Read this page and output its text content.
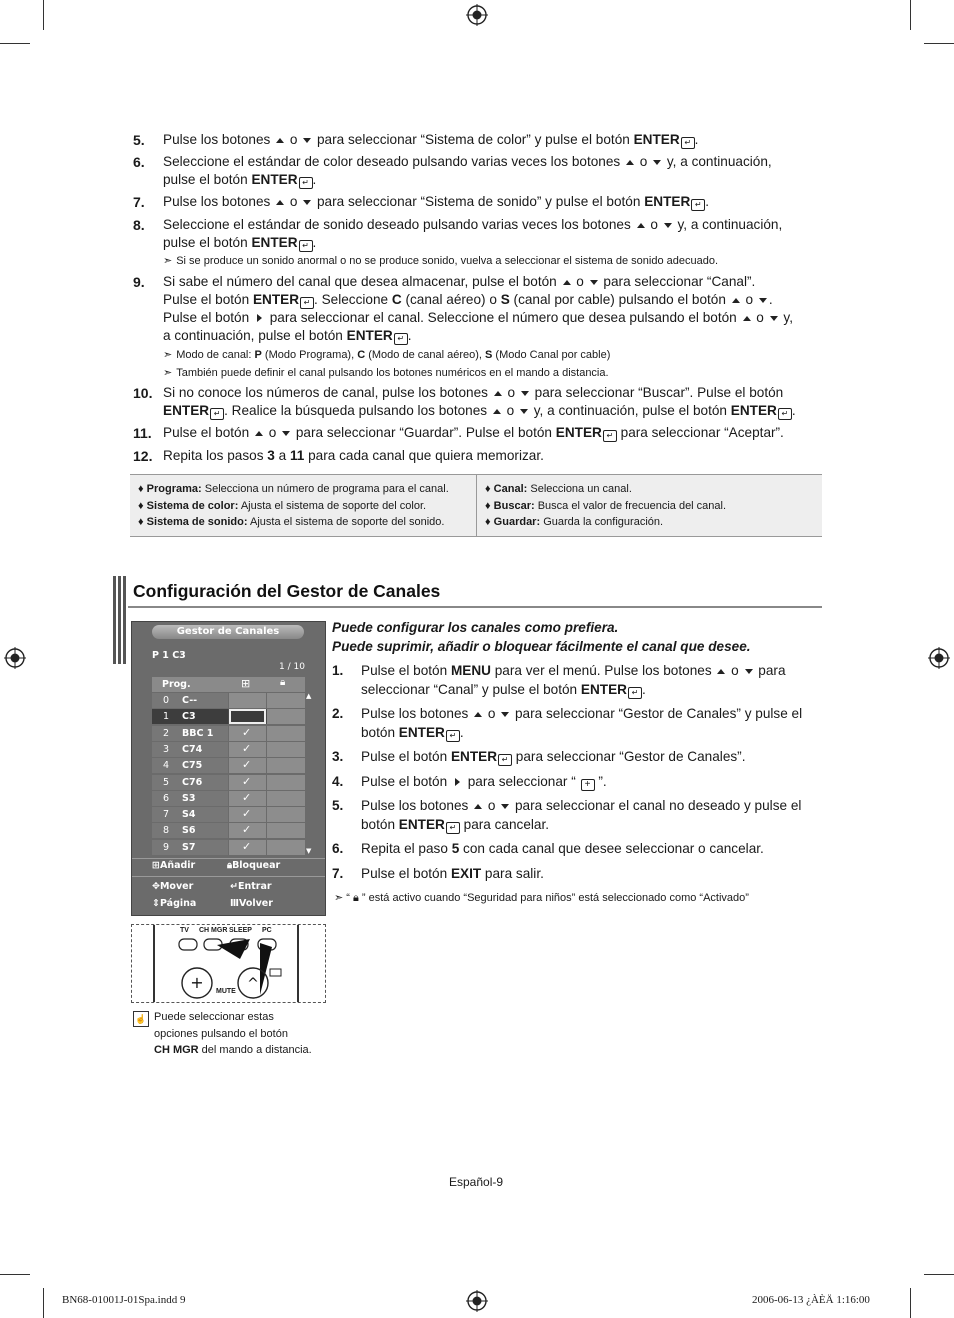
5. Pulse los botones  o  para seleccionar “Sistema de color” y pulse el botón ENTER ↵ .
6. Seleccione el estándar de color deseado pulsando varias veces los botones  o  y, a continuación,
pulse el botón ENTER ↵ .
7. Pulse los botones  o  para seleccionar “Sistema de sonido” y pulse el botón ENTER ↵ .
8. Seleccione el estándar de sonido deseado pulsando varias veces los botones  o  y, a continuación,
pulse el botón ENTER ↵ .
➣ Si se produce un sonido anormal o no se produce sonido, vuelva a seleccionar el sistema de sonido adecuado.
9. Si sabe el número del canal que desea almacenar, pulse el botón  o  para seleccionar “Canal”.
Pulse el botón ENTER ↵ . Seleccione C (canal aéreo) o S (canal por cable) pulsando el botón  o .
Pulse el botón  para seleccionar el canal. Seleccione el número que desea pulsando el botón  o  y,
a continuación, pulse el botón ENTER ↵ .
➣ Modo de canal: P (Modo Programa), C (Modo de canal aéreo), S (Modo Canal por cable)
➣ También puede definir el canal pulsando los botones numéricos en el mando a distancia.
10. Si no conoce los números de canal, pulse los botones  o  para seleccionar “Buscar”. Pulse el botón
ENTER ↵ . Realice la búsqueda pulsando los botones  o  y, a continuación, pulse el botón ENTER ↵ .
11. Pulse el botón  o  para seleccionar “Guardar”. Pulse el botón ENTER ↵ para seleccionar “Aceptar”.
12. Repita los pasos 3 a 11 para cada canal que quiera memorizar.
♦ Programa: Selecciona un número de programa para el canal.
♦ Sistema de color: Ajusta el sistema de soporte del color.
♦ Sistema de sonido: Ajusta el sistema de soporte del sonido.
♦ Canal: Selecciona un canal.
♦ Buscar: Busca el valor de frecuencia del canal.
♦ Guardar: Guarda la configuración.
Configuración del Gestor de Canales
Gestor de Canales
P 1 C3
1 / 10
Prog.	⊞	🔒︎
0 C--
1 C3
2 BBC 1	✓
3 C74	✓
4 C75	✓
5 C76	✓
6 S3	✓
7 S4	✓
8 S6	✓
9 S7	✓
▲
▼
⊞Añadir	🔒︎Bloquear
✥Mover	↵Entrar
⇕Página	ⅢVolver
+	^
TV CH MGR SLEEP PC
MUTE
☝ Puede seleccionar estas
opciones pulsando el botón
CH MGR del mando a distancia.
Puede configurar los canales como prefiera.
Puede suprimir, añadir o bloquear fácilmente el canal que desee.
1. Pulse el botón MENU para ver el menú. Pulse los botones  o  para seleccionar “Canal” y pulse el botón ENTER ↵ .
2. Pulse los botones  o  para seleccionar “Gestor de Canales” y pulse el botón ENTER ↵ .
3. Pulse el botón ENTER ↵ para seleccionar “Gestor de Canales”.
4. Pulse el botón  para seleccionar “ + ”.
5. Pulse los botones  o  para seleccionar el canal no deseado y pulse el botón ENTER ↵ para cancelar.
6. Repita el paso 5 con cada canal que desee seleccionar o cancelar.
7. Pulse el botón EXIT para salir.
➣ “ 🔒︎ ” está activo cuando “Seguridad para niños” está seleccionado como “Activado”
Español-9
BN68-01001J-01Spa.indd 9	2006-06-13 ¿ÀÈÄ 1:16:00
